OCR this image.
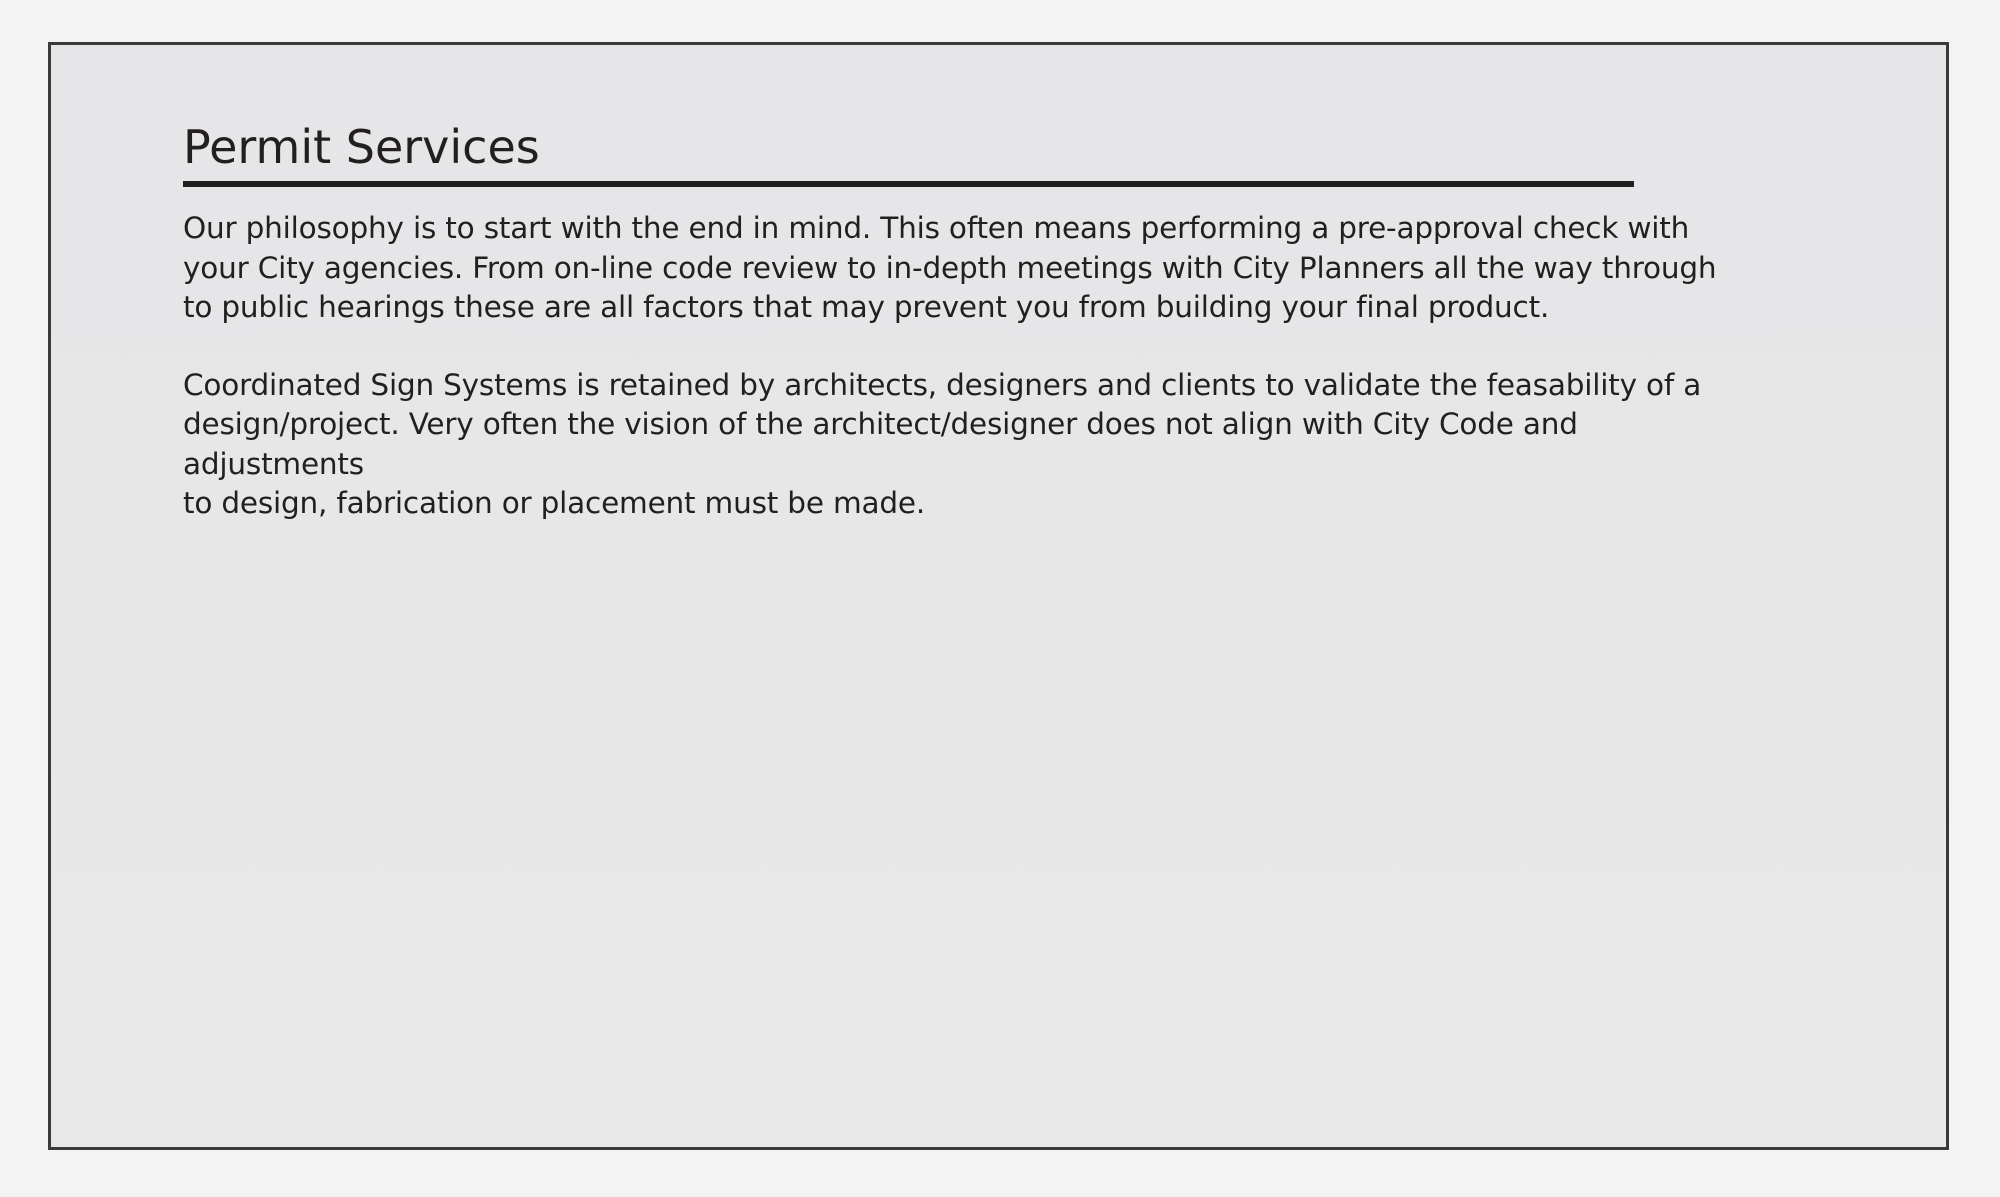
Permit Services

Our philosophy is to start with the end in mind. This often means performing a pre-approval check with
your City agencies. From on-line code review to in-depth meetings with City Planners all the way through
to public hearings these are all factors that may prevent you from building your final product.

Coordinated Sign Systems is retained by architects, designers and clients to validate the feasability of a
design/project. Very often the vision of the architect/designer does not align with City Code and adjustments
to design, fabrication or placement must be made.
